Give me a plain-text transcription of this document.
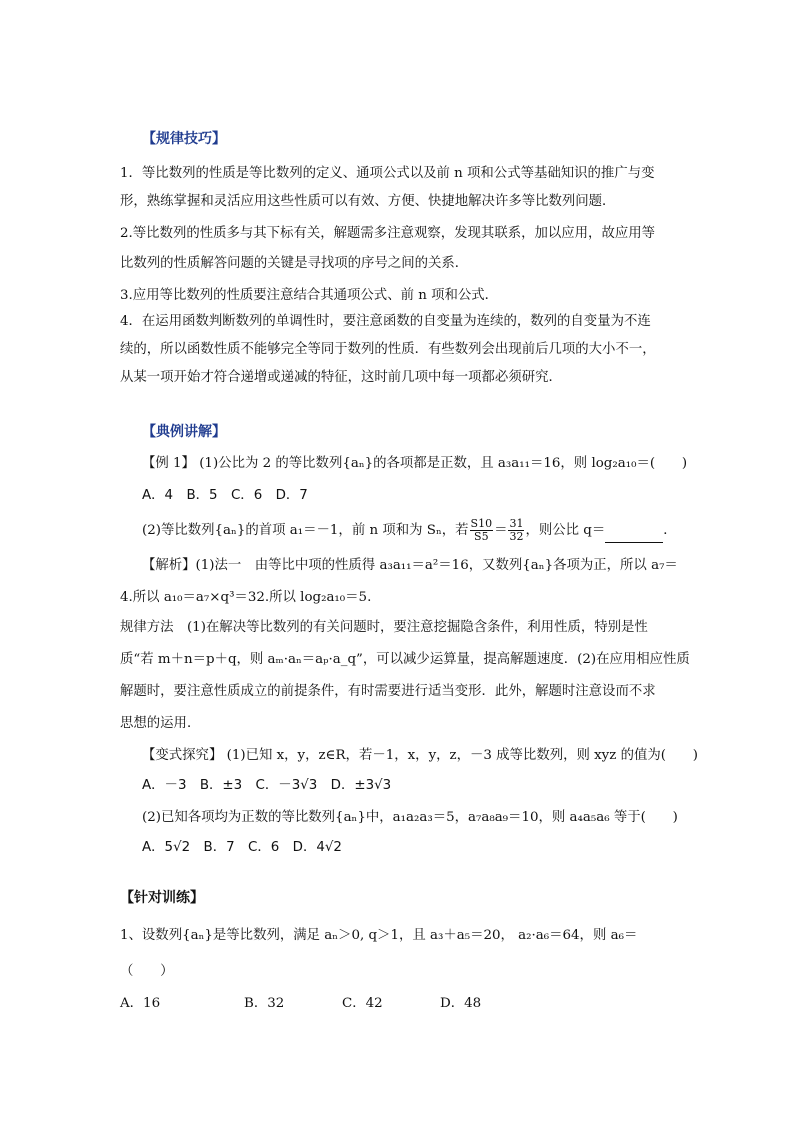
【规律技巧】
1．等比数列的性质是等比数列的定义、通项公式以及前 n 项和公式等基础知识的推广与变
形，熟练掌握和灵活应用这些性质可以有效、方便、快捷地解决许多等比数列问题．
2.等比数列的性质多与其下标有关，解题需多注意观察，发现其联系，加以应用，故应用等
比数列的性质解答问题的关键是寻找项的序号之间的关系．
3.应用等比数列的性质要注意结合其通项公式、前 n 项和公式．
4．在运用函数判断数列的单调性时，要注意函数的自变量为连续的，数列的自变量为不连
续的，所以函数性质不能够完全等同于数列的性质．有些数列会出现前后几项的大小不一，
从某一项开始才符合递增或递减的特征，这时前几项中每一项都必须研究．
【典例讲解】
【例 1】 (1)公比为 2 的等比数列{aₙ}的各项都是正数，且 a₃a₁₁＝16，则 log₂a₁₀＝(　　)
A．4　B．5　C．6　D．7
(2)等比数列{aₙ}的首项 a₁＝－1，前 n 项和为 Sₙ，若 $\frac{S10}{S5} = \frac{31}{32}$ ，则公比 q＝	．
【解析】(1)法一　由等比中项的性质得 a₃a₁₁＝a²＝16，又数列{aₙ}各项为正，所以 a₇＝
4.所以 a₁₀＝a₇×q³＝32.所以 log₂a₁₀＝5.
规律方法　(1)在解决等比数列的有关问题时，要注意挖掘隐含条件，利用性质，特别是性
质“若 m＋n＝p＋q，则 aₘ·aₙ＝aₚ·a_q”，可以减少运算量，提高解题速度．(2)在应用相应性质
解题时，要注意性质成立的前提条件，有时需要进行适当变形．此外，解题时注意设而不求
思想的运用．
【变式探究】 (1)已知 x，y，z∈R，若－1，x，y，z，－3 成等比数列，则 xyz 的值为(　　)
A．－3　B．±3　C．－3√3　D．±3√3
(2)已知各项均为正数的等比数列{aₙ}中，a₁a₂a₃＝5，a₇a₈a₉＝10，则 a₄a₅a₆ 等于(　　)
A．5√2　B．7　C．6　D．4√2
【针对训练】
1、设数列{aₙ}是等比数列，满足 aₙ＞0, q＞1，且 a₃＋a₅＝20， a₂·a₆＝64，则 a₆＝
（　　）
A．16	B．32	C．42	D．48
